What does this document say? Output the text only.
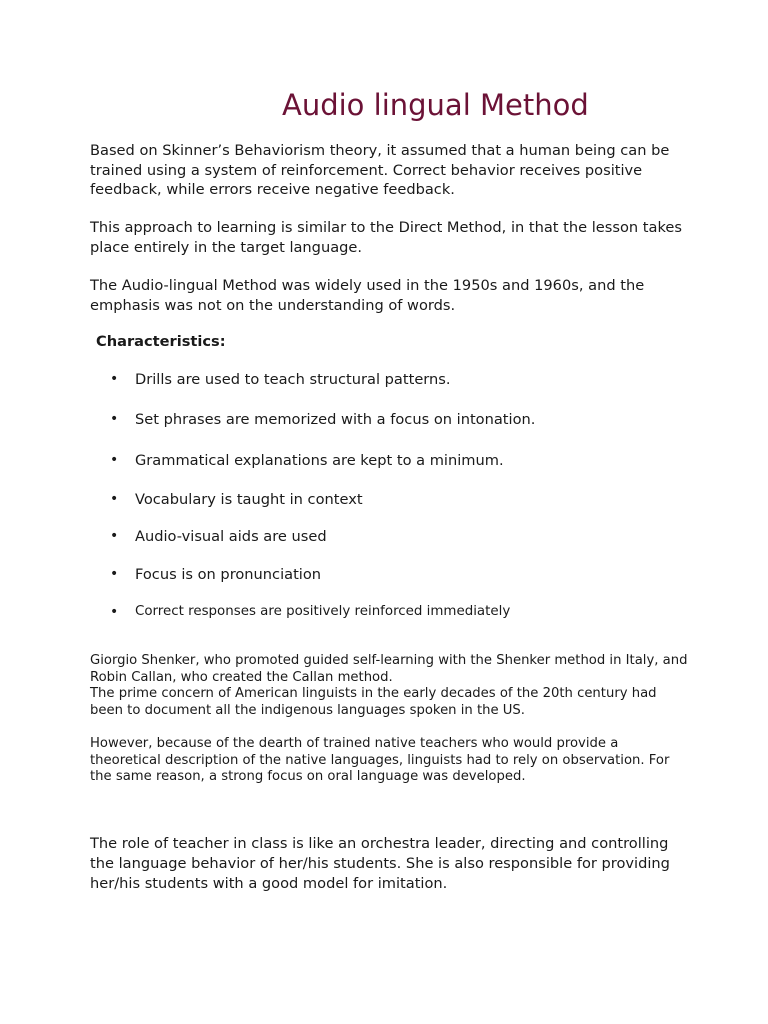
Audio lingual Method

Based on Skinner’s Behaviorism theory, it assumed that a human being can be trained using a system of reinforcement. Correct behavior receives positive feedback, while errors receive negative feedback.

This approach to learning is similar to the Direct Method, in that the lesson takes place entirely in the target language.

The Audio-lingual Method was widely used in the 1950s and 1960s, and the emphasis was not on the understanding of words.

Characteristics:
• Drills are used to teach structural patterns.
• Set phrases are memorized with a focus on intonation.
• Grammatical explanations are kept to a minimum.
• Vocabulary is taught in context
• Audio-visual aids are used
• Focus is on pronunciation
• Correct responses are positively reinforced immediately

Giorgio Shenker, who promoted guided self-learning with the Shenker method in Italy, and Robin Callan, who created the Callan method.

The prime concern of American linguists in the early decades of the 20th century had been to document all the indigenous languages spoken in the US.

However, because of the dearth of trained native teachers who would provide a theoretical description of the native languages, linguists had to rely on observation. For the same reason, a strong focus on oral language was developed.

The role of teacher in class is like an orchestra leader, directing and controlling the language behavior of her/his students. She is also responsible for providing her/his students with a good model for imitation.
